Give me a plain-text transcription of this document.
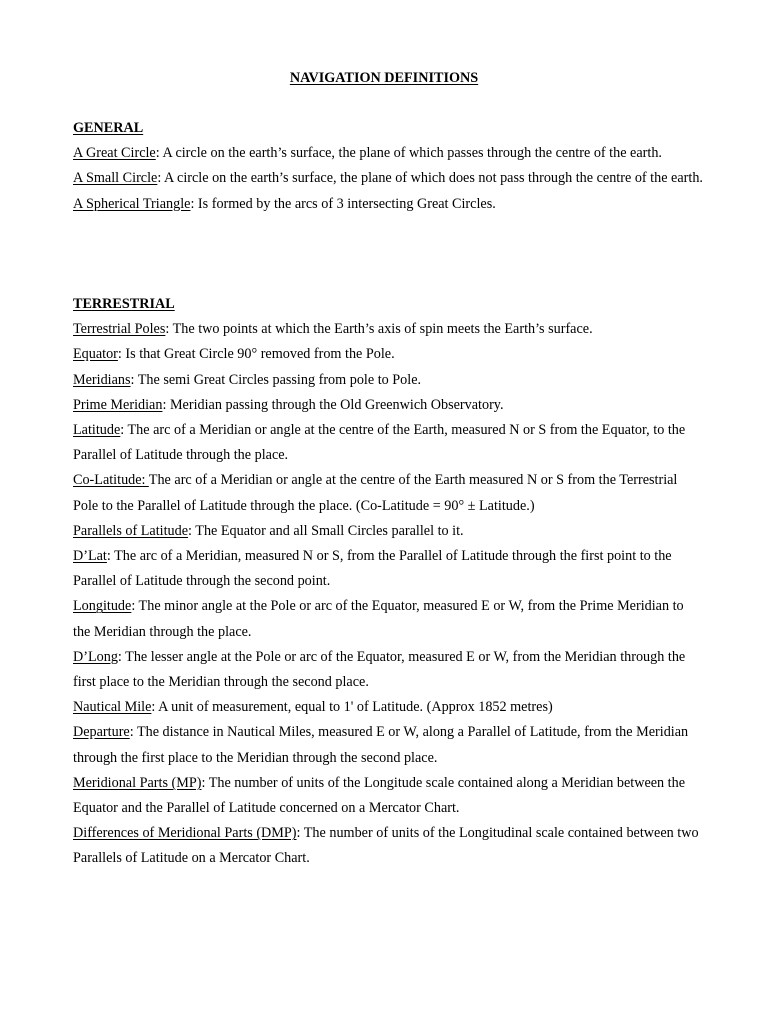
NAVIGATION DEFINITIONS

GENERAL

A Great Circle: A circle on the earth’s surface, the plane of which passes through the centre of the earth.

A Small Circle: A circle on the earth’s surface, the plane of which does not pass through the centre of the earth.

A Spherical Triangle: Is formed by the arcs of 3 intersecting Great Circles.

TERRESTRIAL

Terrestrial Poles: The two points at which the Earth’s axis of spin meets the Earth’s surface.

Equator: Is that Great Circle 90° removed from the Pole.

Meridians: The semi Great Circles passing from pole to Pole.

Prime Meridian: Meridian passing through the Old Greenwich Observatory.

Latitude: The arc of a Meridian or angle at the centre of the Earth, measured N or S from the Equator, to the Parallel of Latitude through the place.

Co-Latitude: The arc of a Meridian or angle at the centre of the Earth measured N or S from the Terrestrial Pole to the Parallel of Latitude through the place. (Co-Latitude = 90° ± Latitude.)

Parallels of Latitude: The Equator and all Small Circles parallel to it.

D’Lat: The arc of a Meridian, measured N or S, from the Parallel of Latitude through the first point to the Parallel of Latitude through the second point.

Longitude: The minor angle at the Pole or arc of the Equator, measured E or W, from the Prime Meridian to the Meridian through the place.

D’Long: The lesser angle at the Pole or arc of the Equator, measured E or W, from the Meridian through the first place to the Meridian through the second place.

Nautical Mile: A unit of measurement, equal to 1' of Latitude. (Approx 1852 metres)

Departure: The distance in Nautical Miles, measured E or W, along a Parallel of Latitude, from the Meridian through the first place to the Meridian through the second place.

Meridional Parts (MP): The number of units of the Longitude scale contained along a Meridian between the Equator and the Parallel of Latitude concerned on a Mercator Chart.

Differences of Meridional Parts (DMP): The number of units of the Longitudinal scale contained between two Parallels of Latitude on a Mercator Chart.
